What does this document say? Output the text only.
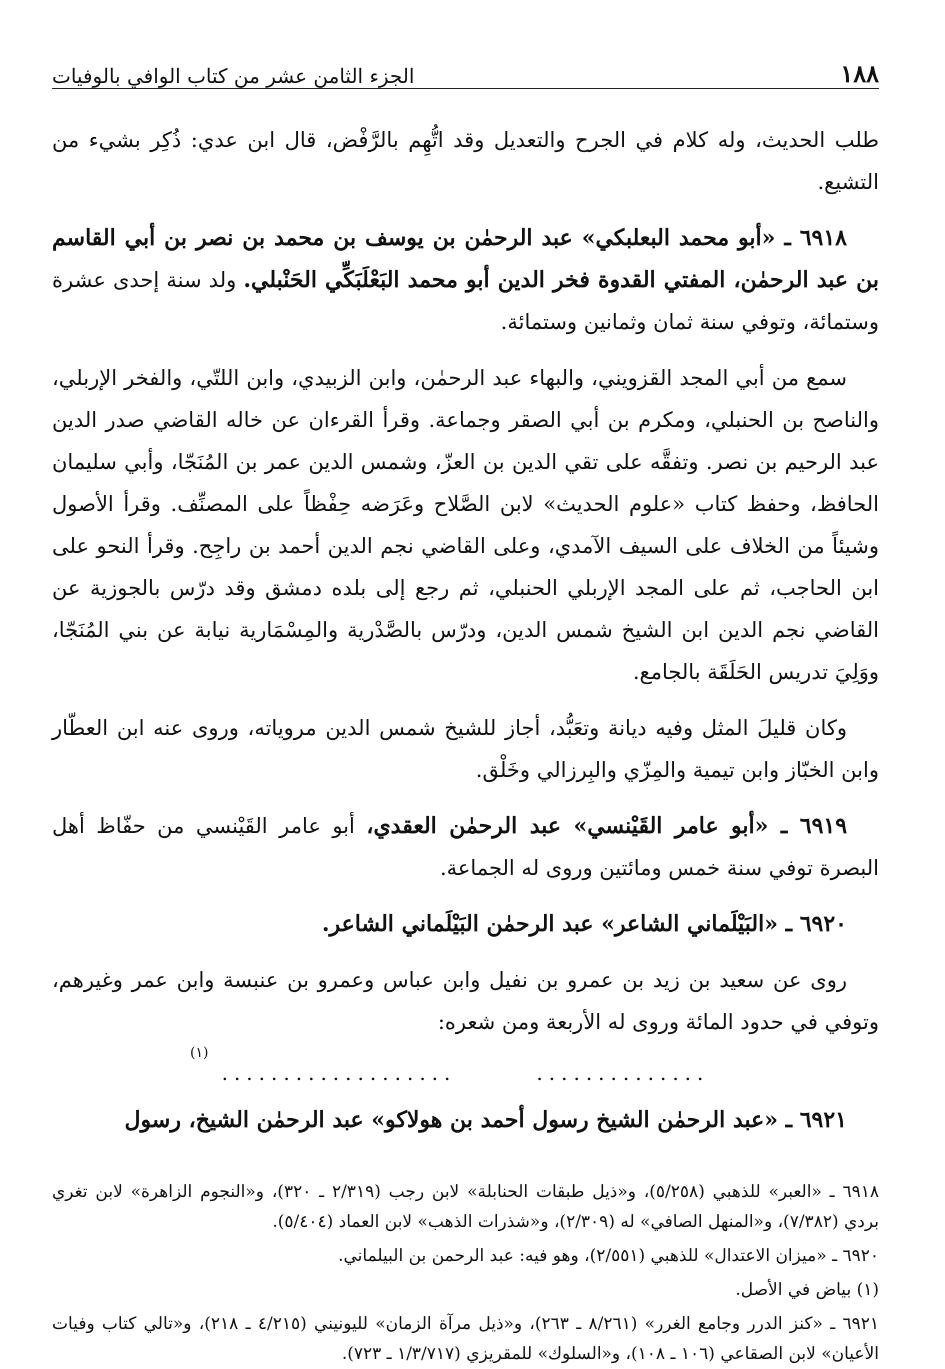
١٨٨
الجزء الثامن عشر من كتاب الوافي بالوفيات

طلب الحديث، وله كلام في الجرح والتعديل وقد اتُّهِم بالرَّفْض، قال ابن عدي: ذُكِر بشيء من التشيع.

٦٩١٨ ـ «أبو محمد البعلبكي» عبد الرحمٰن بن يوسف بن محمد بن نصر بن أبي القاسم بن عبد الرحمٰن، المفتي القدوة فخر الدين أبو محمد البَعْلَبَكِّي الحَنْبلي. ولد سنة إحدى عشرة وستمائة، وتوفي سنة ثمان وثمانين وستمائة.

سمع من أبي المجد القزويني، والبهاء عبد الرحمٰن، وابن الزبيدي، وابن اللتّي، والفخر الإربلي، والناصح بن الحنبلي، ومكرم بن أبي الصقر وجماعة. وقرأ القرءان عن خاله القاضي صدر الدين عبد الرحيم بن نصر. وتفقَّه على تقي الدين بن العزّ، وشمس الدين عمر بن المُنَجّا، وأبي سليمان الحافظ، وحفظ كتاب «علوم الحديث» لابن الصَّلاح وعَرَضه حِفْظاً على المصنِّف. وقرأ الأصول وشيئاً من الخلاف على السيف الآمدي، وعلى القاضي نجم الدين أحمد بن راجِح. وقرأ النحو على ابن الحاجب، ثم على المجد الإربلي الحنبلي، ثم رجع إلى بلده دمشق وقد درّس بالجوزية عن القاضي نجم الدين ابن الشيخ شمس الدين، ودرّس بالصَّدْرية والمِسْمَارية نيابة عن بني المُنَجّا، ووَلِيَ تدريس الحَلَقَة بالجامع.

وكان قليلَ المثل وفيه ديانة وتعَبُّد، أجاز للشيخ شمس الدين مروياته، وروى عنه ابن العطّار وابن الخبّاز وابن تيمية والمِزّي والبِرزالي وخَلْق.

٦٩١٩ ـ «أبو عامر القَيْنسي» عبد الرحمٰن العقدي، أبو عامر القَيْنسي من حفّاظ أهل البصرة توفي سنة خمس ومائتين وروى له الجماعة.

٦٩٢٠ ـ «البَيْلَماني الشاعر» عبد الرحمٰن البَيْلَماني الشاعر.

روى عن سعيد بن زيد بن عمرو بن نفيل وابن عباس وعمرو بن عنبسة وابن عمر وغيرهم، وتوفي في حدود المائة وروى له الأربعة ومن شعره:

...................	..............
(١)

٦٩٢١ ـ «عبد الرحمٰن الشيخ رسول أحمد بن هولاكو» عبد الرحمٰن الشيخ، رسول

٦٩١٨ ـ «العبر» للذهبي (٥/٢٥٨)، و«ذيل طبقات الحنابلة» لابن رجب (٢/٣١٩ ـ ٣٢٠)، و«النجوم الزاهرة» لابن تغري بردي (٧/٣٨٢)، و«المنهل الصافي» له (٢/٣٠٩)، و«شذرات الذهب» لابن العماد (٥/٤٠٤).

٦٩٢٠ ـ «ميزان الاعتدال» للذهبي (٢/٥٥١)، وهو فيه: عبد الرحمن بن البيلماني.

(١) بياض في الأصل.

٦٩٢١ ـ «كنز الدرر وجامع الغرر» (٨/٢٦١ ـ ٢٦٣)، و«ذيل مرآة الزمان» لليونيني (٤/٢١٥ ـ ٢١٨)، و«تالي كتاب وفيات الأعيان» لابن الصقاعي (١٠٦ ـ ١٠٨)، و«السلوك» للمقريزي (١/٣/٧١٧ ـ ٧٢٣).
